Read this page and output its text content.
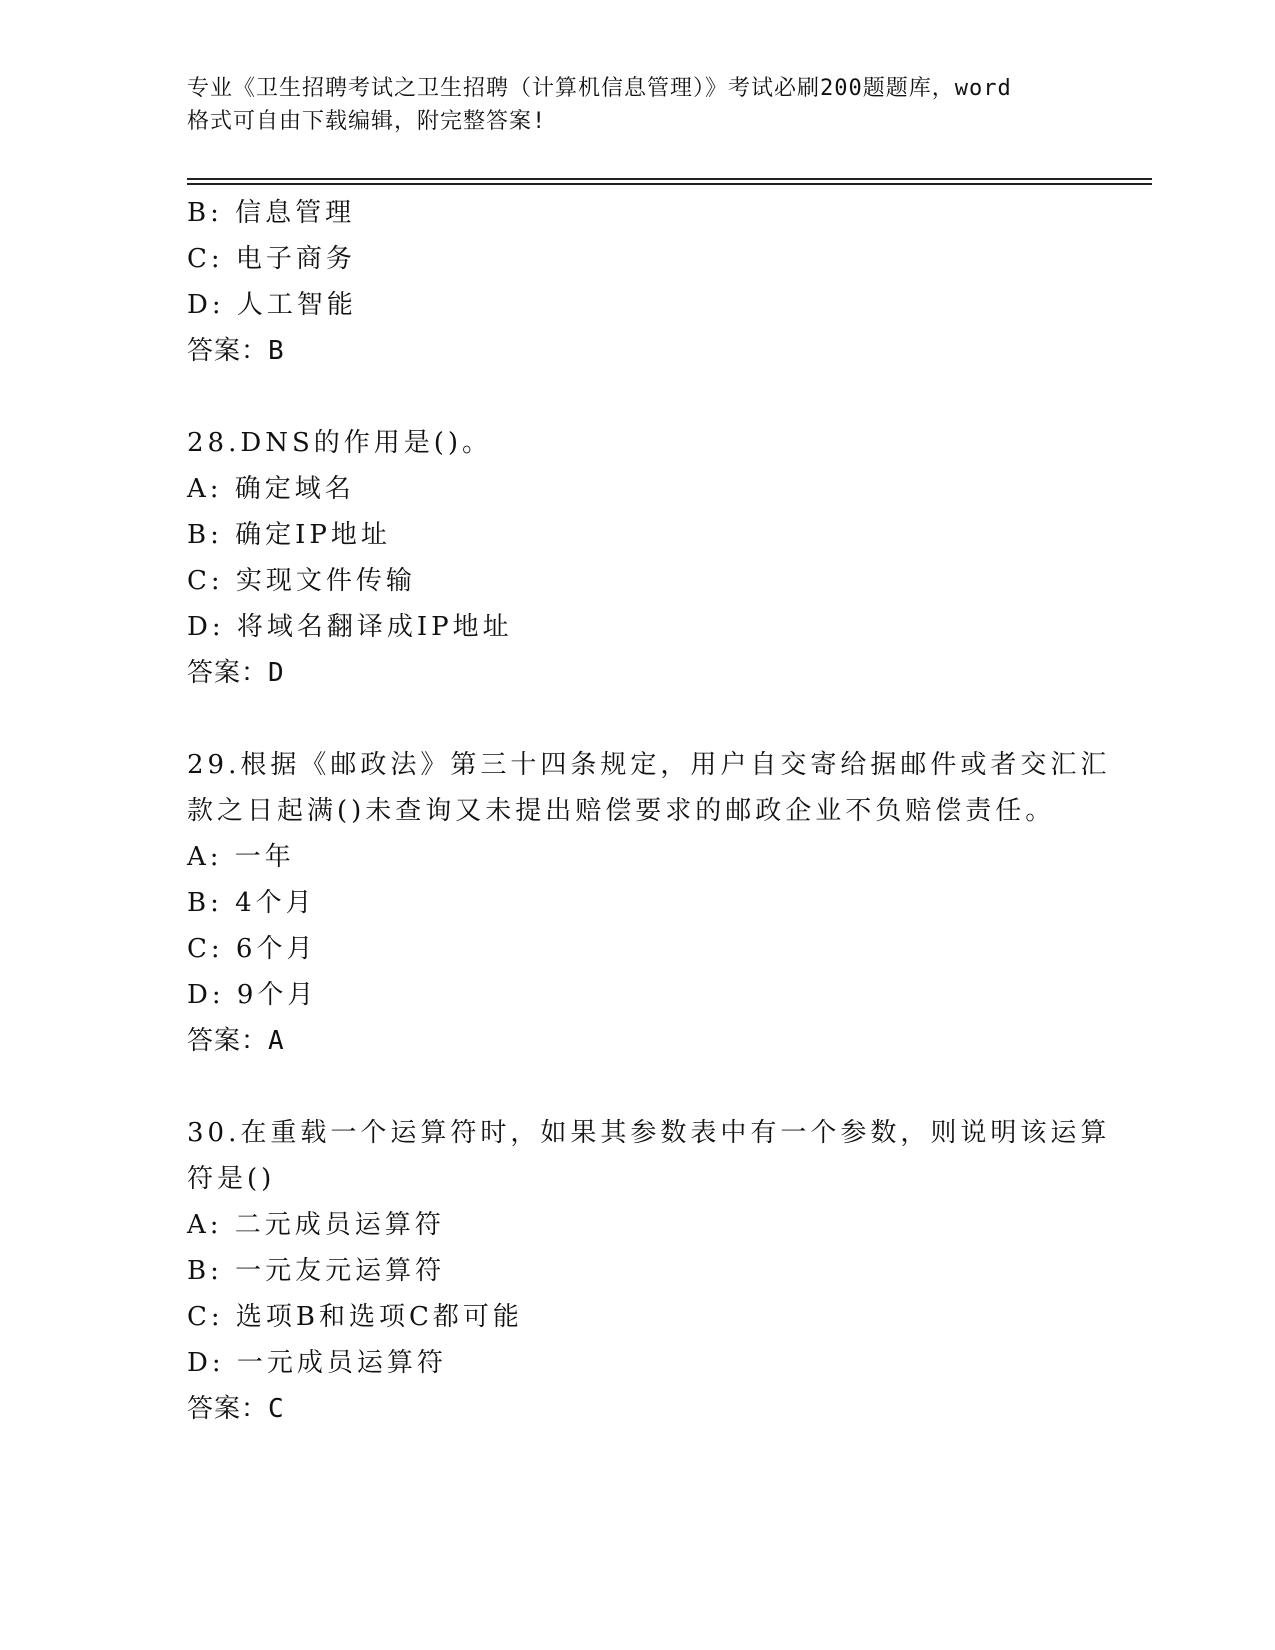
专业《卫生招聘考试之卫生招聘（计算机信息管理）》考试必刷200题题库，word
格式可自由下载编辑，附完整答案!
B: 信息管理
C: 电子商务
D: 人工智能
答案：B
28.DNS的作用是()。
A: 确定域名
B: 确定IP地址
C: 实现文件传输
D: 将域名翻译成IP地址
答案：D
29.根据《邮政法》第三十四条规定，用户自交寄给据邮件或者交汇汇
款之日起满()未查询又未提出赔偿要求的邮政企业不负赔偿责任。
A: 一年
B: 4个月
C: 6个月
D: 9个月
答案：A
30.在重载一个运算符时，如果其参数表中有一个参数，则说明该运算
符是()
A: 二元成员运算符
B: 一元友元运算符
C: 选项B和选项C都可能
D: 一元成员运算符
答案：C
